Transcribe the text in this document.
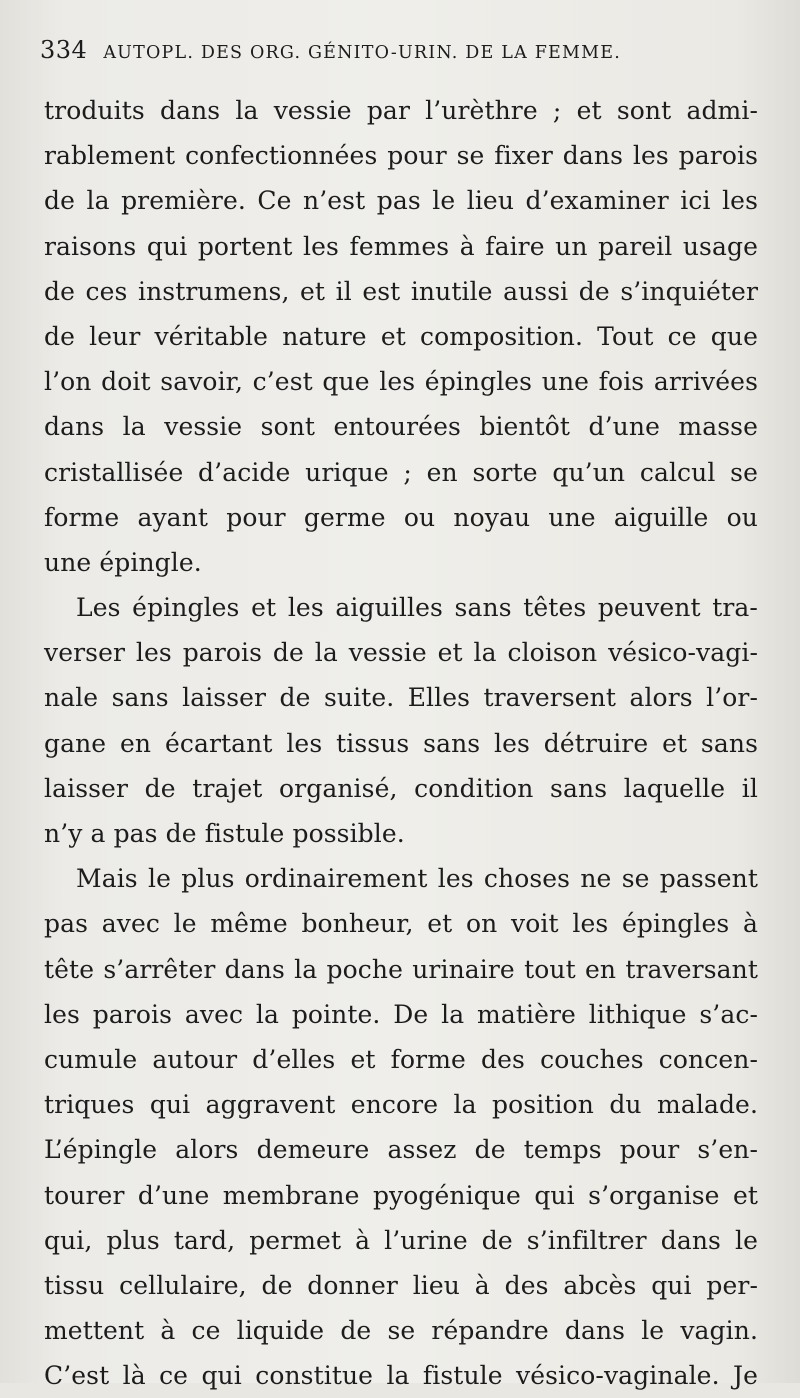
334 AUTOPL. DES ORG. GÉNITO-URIN. DE LA FEMME.
troduits dans la vessie par l’urèthre ; et sont admi-
rablement confectionnées pour se fixer dans les parois
de la première. Ce n’est pas le lieu d’examiner ici les
raisons qui portent les femmes à faire un pareil usage
de ces instrumens, et il est inutile aussi de s’inquiéter
de leur véritable nature et composition. Tout ce que
l’on doit savoir, c’est que les épingles une fois arrivées
dans la vessie sont entourées bientôt d’une masse
cristallisée d’acide urique ; en sorte qu’un calcul se
forme ayant pour germe ou noyau une aiguille ou
une épingle.
Les épingles et les aiguilles sans têtes peuvent tra-
verser les parois de la vessie et la cloison vésico-vagi-
nale sans laisser de suite. Elles traversent alors l’or-
gane en écartant les tissus sans les détruire et sans
laisser de trajet organisé, condition sans laquelle il
n’y a pas de fistule possible.
Mais le plus ordinairement les choses ne se passent
pas avec le même bonheur, et on voit les épingles à
tête s’arrêter dans la poche urinaire tout en traversant
les parois avec la pointe. De la matière lithique s’ac-
cumule autour d’elles et forme des couches concen-
triques qui aggravent encore la position du malade.
L’épingle alors demeure assez de temps pour s’en-
tourer d’une membrane pyogénique qui s’organise et
qui, plus tard, permet à l’urine de s’infiltrer dans le
tissu cellulaire, de donner lieu à des abcès qui per-
mettent à ce liquide de se répandre dans le vagin.
C’est là ce qui constitue la fistule vésico-vaginale. Je
